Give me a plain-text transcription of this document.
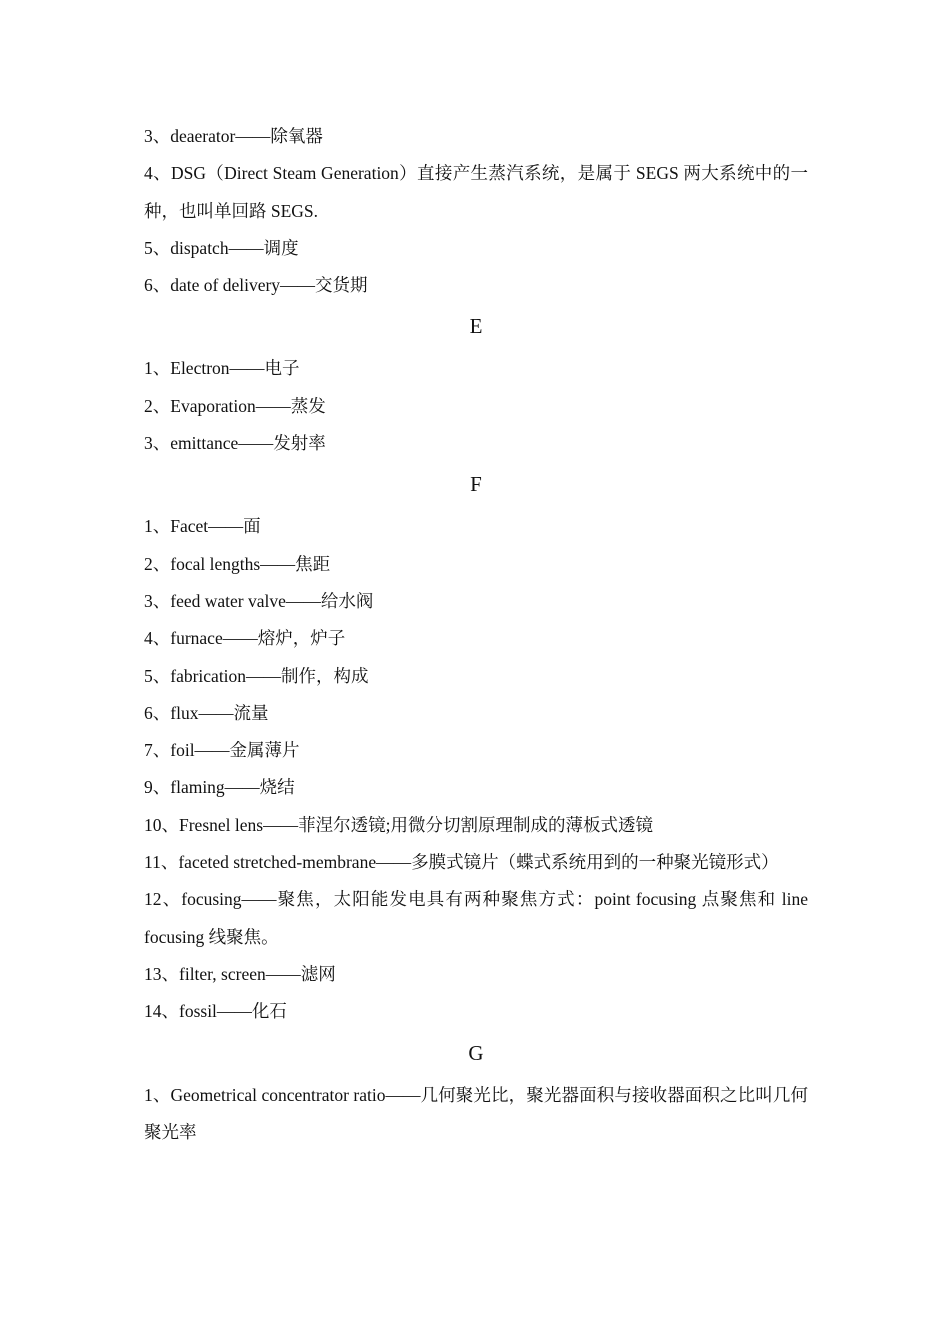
3、deaerator——除氧器

4、DSG（Direct Steam Generation）直接产生蒸汽系统，是属于 SEGS 两大系统中的一种，也叫单回路 SEGS.

5、dispatch——调度

6、date of delivery——交货期

E

1、Electron——电子

2、Evaporation——蒸发

3、emittance——发射率

F

1、Facet——面

2、focal lengths——焦距

3、feed water valve——给水阀

4、furnace——熔炉，炉子

5、fabrication——制作，构成

6、flux——流量

7、foil——金属薄片

9、flaming——烧结

10、Fresnel lens——菲涅尔透镜;用微分切割原理制成的薄板式透镜

11、faceted stretched-membrane——多膜式镜片（蝶式系统用到的一种聚光镜形式）

12、focusing——聚焦，太阳能发电具有两种聚焦方式：point focusing 点聚焦和 line focusing 线聚焦。

13、filter, screen——滤网

14、fossil——化石

G

1、Geometrical concentrator ratio——几何聚光比，聚光器面积与接收器面积之比叫几何聚光率
